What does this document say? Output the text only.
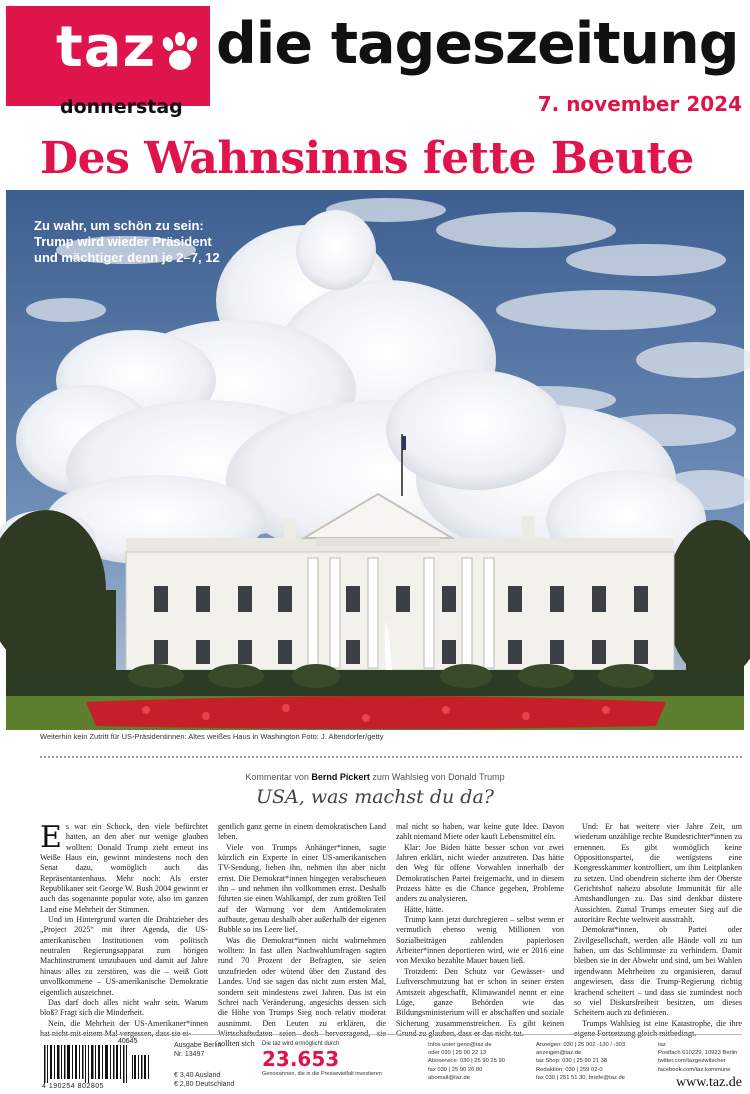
taz die tageszeitung
donnerstag	7. november 2024
Des Wahnsinns fette Beute
Zu wahr, um schön zu sein: Trump wird wieder Präsident und mächtiger denn je 2–7, 12
Weiterhin kein Zutritt für US-Präsidentinnen: Altes weißes Haus in Washington Foto: J. Altendorfer/getty
Kommentar von Bernd Pickert zum Wahlsieg von Donald Trump
USA, was machst du da?
E s war ein Schock, den viele befürchtet hatten, an den aber nur wenige glauben wollten: Donald Trump zieht erneut ins Weiße Haus ein, gewinnt mindestens noch den Senat dazu, womöglich auch das Repräsentantenhaus. Mehr noch: Als erster Republikaner seit George W. Bush 2004 gewinnt er auch das sogenannte popular vote, also im ganzen Land eine Mehrheit der Stimmen.

Und im Hintergrund warten die Drahtzieher des „Project 2025“ mit ihrer Agenda, die US-amerikanischen Institutionen vom politisch neutralen Regierungsapparat zum hörigen Machtinstrument umzubauen und damit auf Jahre hinaus alles zu zerstören, was die – weiß Gott unvollkommene – US-amerikanische Demokratie eigentlich auszeichnet.

Das darf doch alles nicht wahr sein. Warum bloß? Fragt sich die Minderheit.

Nein, die Mehrheit der US-Amerikaner*innen hat nicht mit einem Mal vergessen, dass sie ei-

gentlich ganz gerne in einem demokratischen Land leben.

Viele von Trumps Anhänger*innen, sagte kürzlich ein Experte in einer US-amerikanischen TV-Sendung, lieben ihn, nehmen ihn aber nicht ernst. Die Demokrat*innen hingegen verabscheuen ihn – und nehmen ihn vollkommen ernst. Deshalb führten sie einen Wahlkampf, der zum größten Teil auf der Warnung vor dem Antidemokraten aufbaute, genau deshalb aber außerhalb der eigenen Bubble so ins Leere lief.

Was die Demokrat*innen nicht wahrnehmen wollten: In fast allen Nachwahlumfragen sagten rund 70 Prozent der Befragten, sie seien unzufrieden oder wütend über den Zustand des Landes. Und sie sagen das nicht zum ersten Mal, sondern seit mindestens zwei Jahren. Das ist ein Schrei nach Veränderung, angesichts dessen sich die Höhe von Trumps Sieg noch relativ moderat ausnimmt. Den Leuten zu erklären, die Wirtschaftsdaten seien doch hervorragend, sie sollten sich

mal nicht so haben, war keine gute Idee. Davon zahlt niemand Miete oder kauft Lebensmittel ein.

Klar: Joe Biden hätte besser schon vor zwei Jahren erklärt, nicht wieder anzutreten. Das hätte den Weg für offene Vorwahlen innerhalb der Demokratischen Partei freigemacht, und in diesem Prozess hätte es die Chance gegeben, Probleme anders zu analysieren.

Hätte, hätte.

Trump kann jetzt durchregieren – selbst wenn er vermutlich ebenso wenig Millionen von Sozialbeiträgen zahlenden papierlosen Arbeiter*innen deportieren wird, wie er 2016 eine von Mexiko bezahlte Mauer bauen ließ.

Trotzdem: Den Schutz vor Gewässer- und Luftverschmutzung hat er schon in seiner ersten Amtszeit abgeschafft, Klimawandel nennt er eine Lüge, ganze Behörden wie das Bildungsministerium will er abschaffen und soziale Sicherung zusammenstreichen. Es gibt keinen Grund zu glauben, dass er das nicht tut.

Und: Er hat weitere vier Jahre Zeit, um wiederum unzählige rechte Bundesrichter*innen zu ernennen. Es gibt womöglich keine Oppositionspartei, die wenigstens eine Kongresskammer kontrolliert, um ihm Leitplanken zu setzen. Und obendrein sicherte ihm der Oberste Gerichtshof nahezu absolute Immunität für alle Amtshandlungen zu. Das sind denkbar düstere Aussichten. Zumal Trumps erneuter Sieg auf die autoritäre Rechte weltweit ausstrahlt.

Demokrat*innen, ob Partei oder Zivilgesellschaft, werden alle Hände voll zu tun haben, um das Schlimmste zu verhindern. Damit bleiben sie in der Abwehr und sind, um bei Wahlen irgendwann Mehrheiten zu organisieren, darauf angewiesen, dass die Trump-Regierung richtig krachend scheitert – und dass sie zumindest noch so viel Diskursfreiheit besitzen, um dieses Scheitern auch zu definieren.

Trumps Wahlsieg ist eine Katastrophe, die ihre eigene Fortsetzung gleich mitbedingt.

40645
4 190254 802805
Ausgabe Berlin
Nr. 13497
€ 3,40 Ausland
€ 2,80 Deutschland
Die taz wird ermöglicht durch
23.653
Genossinnen, die in die Pressevielfalt investieren
Infos unter geno@taz.de
oder 030 | 25 90 22 13
Aboservice: 030 | 25 90 25 90
fax 030 | 25 90 26 80
abomail@taz.de
Anzeigen: 030 | 25 902 -130 / -303
anzeigen@taz.de
taz Shop: 030 | 25 90 21 38
Redaktion: 030 | 259 02-0
fax 030 | 251 51 30, briefe@taz.de
taz
Postfach 610229, 10923 Berlin
twitter.com/tazgezwitscher
facebook.com/taz.kommune
www.taz.de
